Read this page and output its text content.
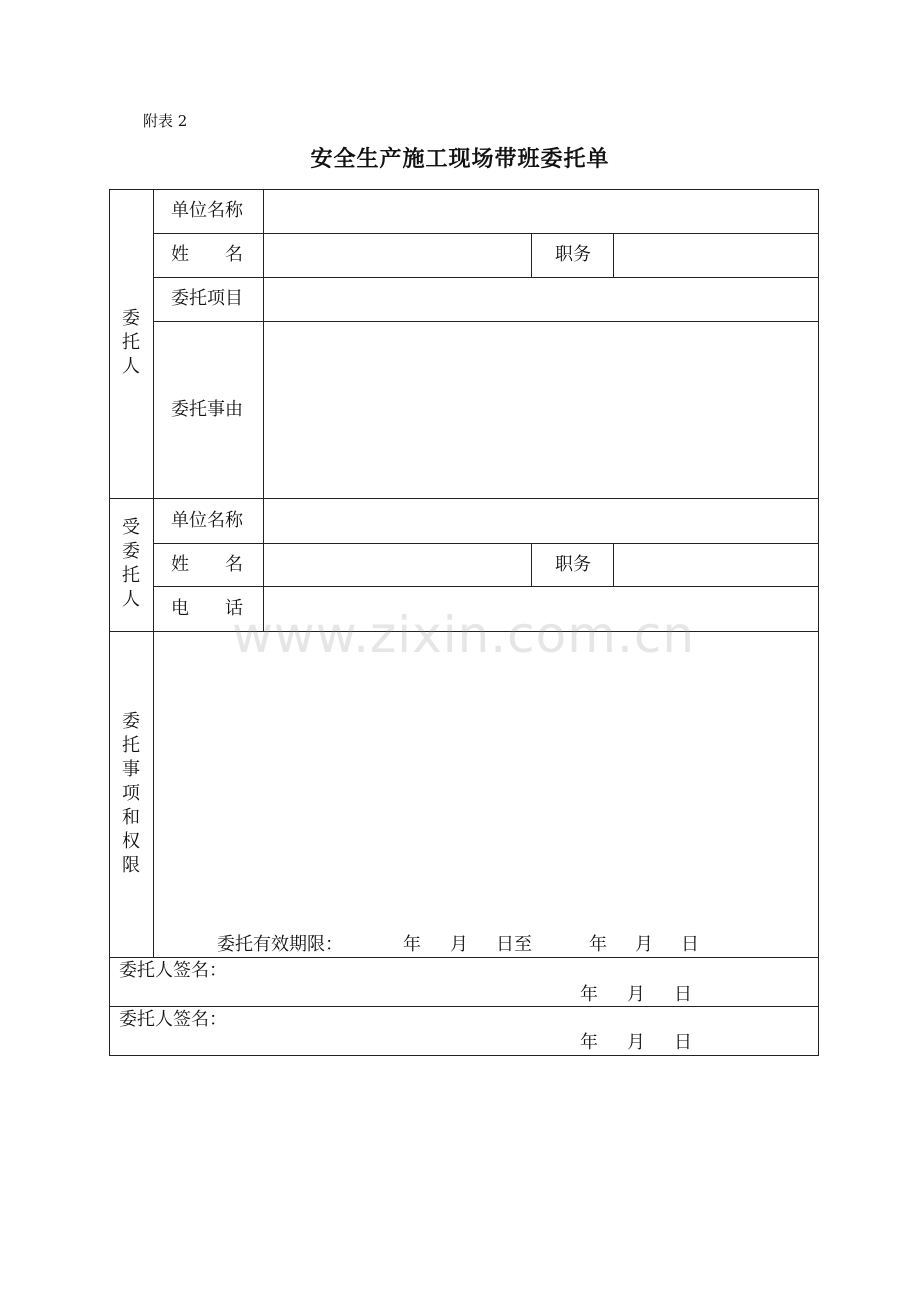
附表 2
安全生产施工现场带班委托单
委托人
单位名称
姓　　名	职务
委托项目
委托事由
受委托人
单位名称
姓　　名	职务
电　　话
委托事项和权限
委托有效期限：	年 月 日至	年 月 日
委托人签名：
年 月 日
委托人签名：
年 月 日
www.zixin.com.cn
